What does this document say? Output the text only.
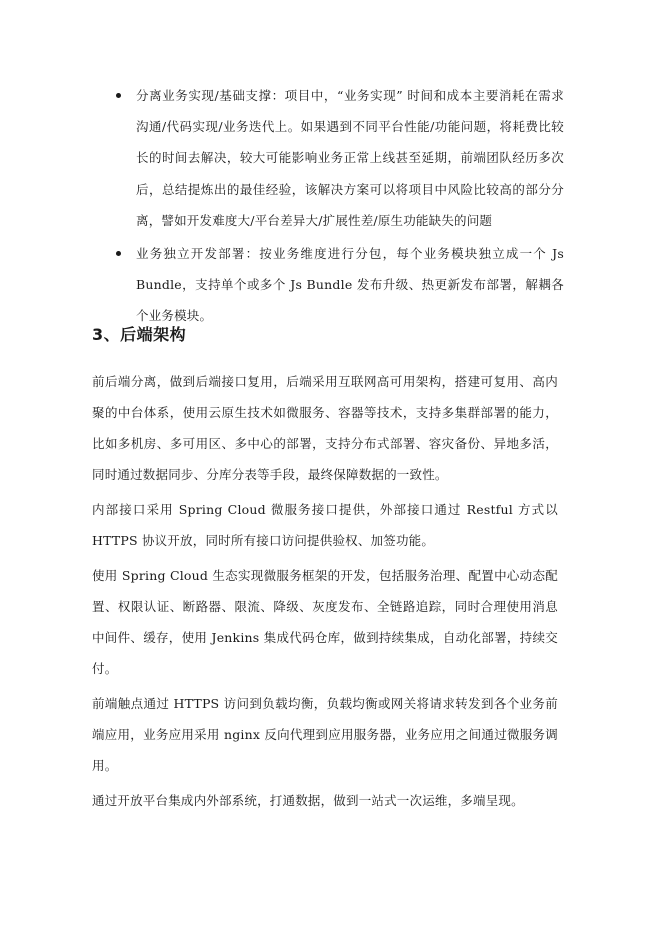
分离业务实现/基础支撑：项目中，“业务实现” 时间和成本主要消耗在需求沟通/代码实现/业务迭代上。如果遇到不同平台性能/功能问题，将耗费比较长的时间去解决，较大可能影响业务正常上线甚至延期，前端团队经历多次后，总结提炼出的最佳经验，该解决方案可以将项目中风险比较高的部分分离，譬如开发难度大/平台差异大/扩展性差/原生功能缺失的问题
业务独立开发部署：按业务维度进行分包，每个业务模块独立成一个 Js Bundle，支持单个或多个 Js Bundle 发布升级、热更新发布部署，解耦各个业务模块。
3、后端架构

前后端分离，做到后端接口复用，后端采用互联网高可用架构，搭建可复用、高内聚的中台体系，使用云原生技术如微服务、容器等技术，支持多集群部署的能力，比如多机房、多可用区、多中心的部署，支持分布式部署、容灾备份、异地多活，同时通过数据同步、分库分表等手段，最终保障数据的一致性。

内部接口采用 Spring Cloud 微服务接口提供，外部接口通过 Restful 方式以 HTTPS 协议开放，同时所有接口访问提供验权、加签功能。

使用 Spring Cloud 生态实现微服务框架的开发，包括服务治理、配置中心动态配置、权限认证、断路器、限流、降级、灰度发布、全链路追踪，同时合理使用消息中间件、缓存，使用 Jenkins 集成代码仓库，做到持续集成，自动化部署，持续交付。

前端触点通过 HTTPS 访问到负载均衡，负载均衡或网关将请求转发到各个业务前端应用，业务应用采用 nginx 反向代理到应用服务器，业务应用之间通过微服务调用。

通过开放平台集成内外部系统，打通数据，做到一站式一次运维，多端呈现。
